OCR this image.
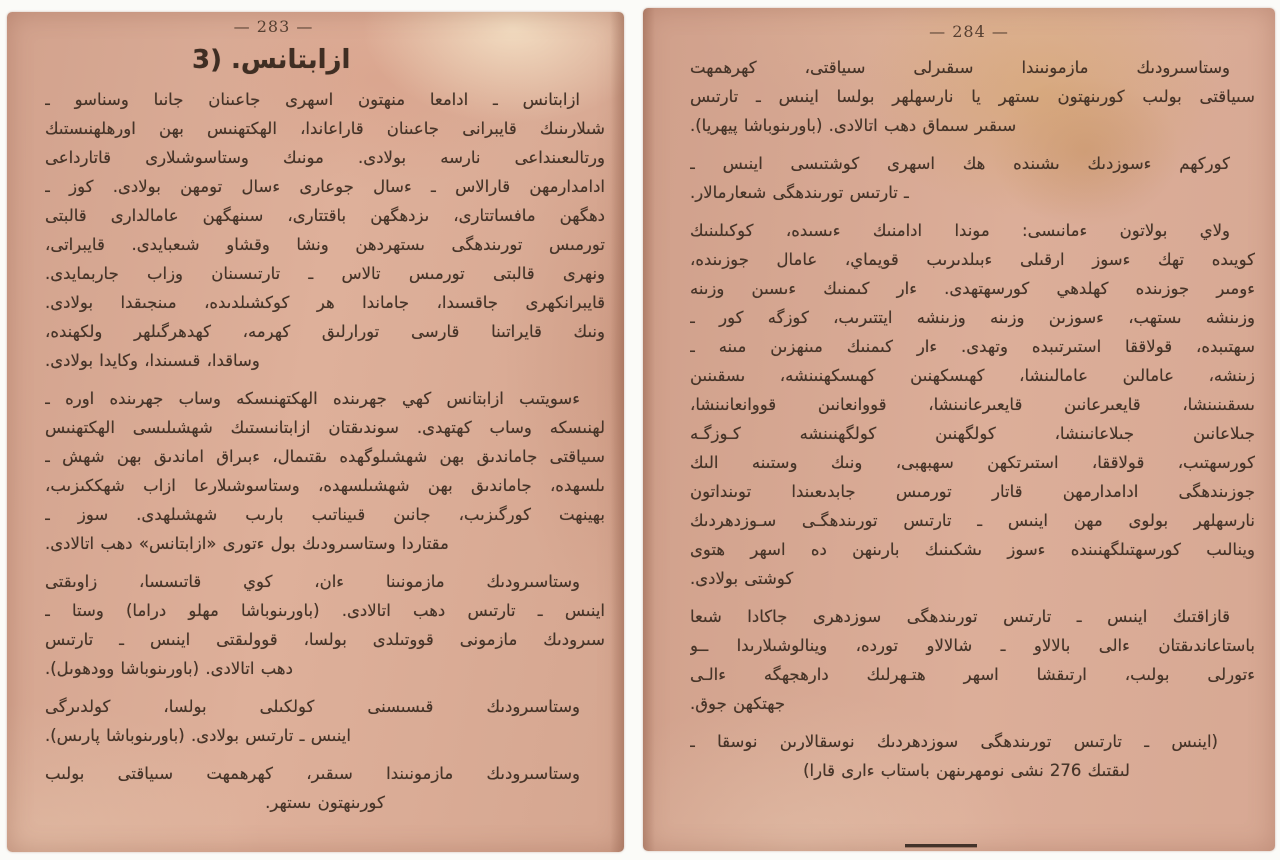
— 283 —
3) ازابتانس.
ازابتانس ـ ادامعا منهتون اسهرى جاعىنان جانىا وسناسو ـ
شىلارىنىك قايبرانى جاعىنان قاراعاندا، الهكتهنىس بهن اورهلهنىستىك
ورتالىعىنداعى نارسه بولادى. مونىك وستاسوشىلارى قاتارداعى
ادامدارمهن قارالاس ـ ءسال جوعارى ءسال تومهن بولادى. كوز ـ
دهگهن مافساتتارى، ىزدهگهن باقتتارى، سىنهگهن عامالدارى قالبتى
تورمىس تورىندهگى ىستهردهن ونشا وقشاو شىعبايدى. قايبراتى،
ونهرى قالبتى تورمىس تالاس ـ تارتىسىنان وزاب جاربمايدى.
قايبرانكهرى جاقسىدا، جاماندا هر كوكشىلدىده، مىنجىقدا بولادى.
ونىك قايراتىنا قارسى تورارلىق كهرمه، كهدهرگىلهر ولكهنده،
وساقدا، قىسىندا، وكايدا بولادى.
ءسويتىب ازابتانس كهي جهرىنده الهكتهنىسكه وساب جهرىنده اوره ـ
لهنىسكه وساب كهتهدى. سوندىقتان ازابتانىستىك شهشىلىسى الهكتهنىس
سىياقتى جاماندىق بهن شهشىلوگهده ىقتىمال، ءبىراق اماندىق بهن شهش ـ
ىلسهده، جاماندىق بهن شهشىلسهده، وستاسوشىلارعا ازاب شهككىزىب،
بهينهت كورگىزىب، جانىن قىيناتىب بارىب شهشىلهدى. سوز ـ
مقتاردا وستاسىرودىك بول ءتورى «ازابتانس» دهب اتالادى.
وستاسىرودىك مازمونىنا ءان، كوي قاتىسسا، زاوىقتى
اينىس ـ تارتىس دهب اتالادى. (باورىنوباشا مهلو دراما) وستا ـ
سىرودىك مازمونى قووتىلدى بولسا، قوولىقتى اينىس ـ تارتىس
دهب اتالادى. (باورىنوباشا وودهوىل).
وستاسىرودىك قىسىسنى كولكىلى بولسا، كولدىرگى
اينىس ـ تارتىس بولادى. (باورىنوباشا پارىس).
وستاسىرودىك مازمونىندا سىقىر، كهرهمهت سىياقتى بولىب
كورىنهتون ىستهر.
— 284 —
وستاسىرودىك مازمونىندا سىقىرلى سىياقتى، كهرهمهت
سىياقتى بولىب كورىنهتون ىستهر يا نارسهلهر بولسا اينىس ـ تارتىس
سىقىر سىماق دهب اتالادى. (باورىنوباشا پيهريا).
كوركهم ءسوزدىك ىشىنده هك اسهرى كوشتىسى اينىس ـ
ـ تارتىس تورىندهگى شىعارمالار.
ولاي بولاتون ءمانىسى: موندا ادامنىك ءىسىده، كوكىلىنىك
كويىده تهك ءسوز ارقىلى ءبىلدىرىب قويماي، عامال جوزىنده،
ءومىر جوزىنده كهلدهي كورسهتهدى. ءار كىمنىك ءىسىن وزىنه
وزىنشه ىستهب، ءسوزىن وزىنه وزىنشه ايتتىرىب، كوزگه كور ـ
سهتىبده، قولاققا استىرتىبده وتهدى. ءار كىمنىك مىنهزىن مىنه ـ
زىنشه، عامالىن عامالىنشا، كهىسكهنىن كهىسكهنىنشه، ىسقىنىن
ىسقىنىنشا، قايعىرعانىن قايعىرعانىنشا، قووانعانىن قووانعانىنشا،
جىلاعانىن جىلاعانىنشا، كولگهنىن كولگهنىنشه كـوزگـه
كورسهتىب، قولاققا، استىرتكهن سهبهبى، ونىك وستىنه الىك
جوزىندهگى ادامدارمهن قاتار تورمىس جابدىعىندا توىنداتون
نارسهلهر بولوى مهن اينىس ـ تارتىس تورىندهگـى سـوزدهردىك
وينالىب كورسهتىلگهنىنده ءسوز ىشكىنىك بارىنهن ده اسهر هتوى
كوشتى بولادى.
قازاقتىك اينىس ـ تارتىس تورىندهگى سوزدهرى جاكادا شىعا
باستاعاندىقتان ءالى بالالاو ـ شالالاو تورده، وينالوشىلارىدا ــو
ءتورلى بولىب، ارتىقشا اسهر هتـهرلىك دارهجهگه ءالـى
جهتكهن جوق.
(اينىس ـ تارتىس تورىندهگى سوزدهردىك نوسقالارىن نوسقا ـ
لىقتىك 276 نشى نومهرىنهن باستاب ءارى قارا)
